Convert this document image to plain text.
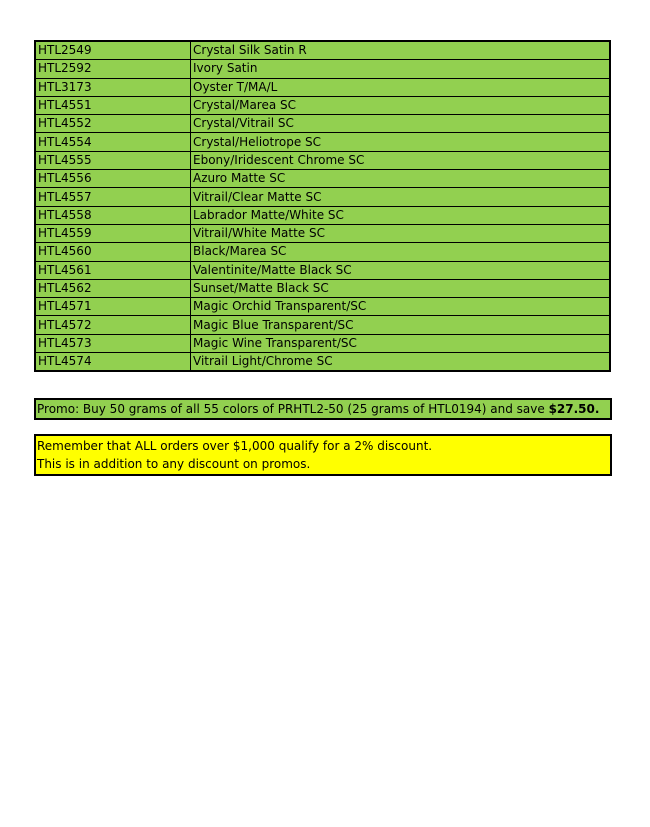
HTL2549	Crystal Silk Satin R
HTL2592	Ivory Satin
HTL3173	Oyster T/MA/L
HTL4551	Crystal/Marea SC
HTL4552	Crystal/Vitrail SC
HTL4554	Crystal/Heliotrope SC
HTL4555	Ebony/Iridescent Chrome SC
HTL4556	Azuro Matte SC
HTL4557	Vitrail/Clear Matte SC
HTL4558	Labrador Matte/White SC
HTL4559	Vitrail/White Matte SC
HTL4560	Black/Marea SC
HTL4561	Valentinite/Matte Black SC
HTL4562	Sunset/Matte Black SC
HTL4571	Magic Orchid Transparent/SC
HTL4572	Magic Blue Transparent/SC
HTL4573	Magic Wine Transparent/SC
HTL4574	Vitrail Light/Chrome SC
Promo: Buy 50 grams of all 55 colors of PRHTL2-50 (25 grams of HTL0194) and save $27.50.
Remember that ALL orders over $1,000 qualify for a 2% discount.
This is in addition to any discount on promos.
